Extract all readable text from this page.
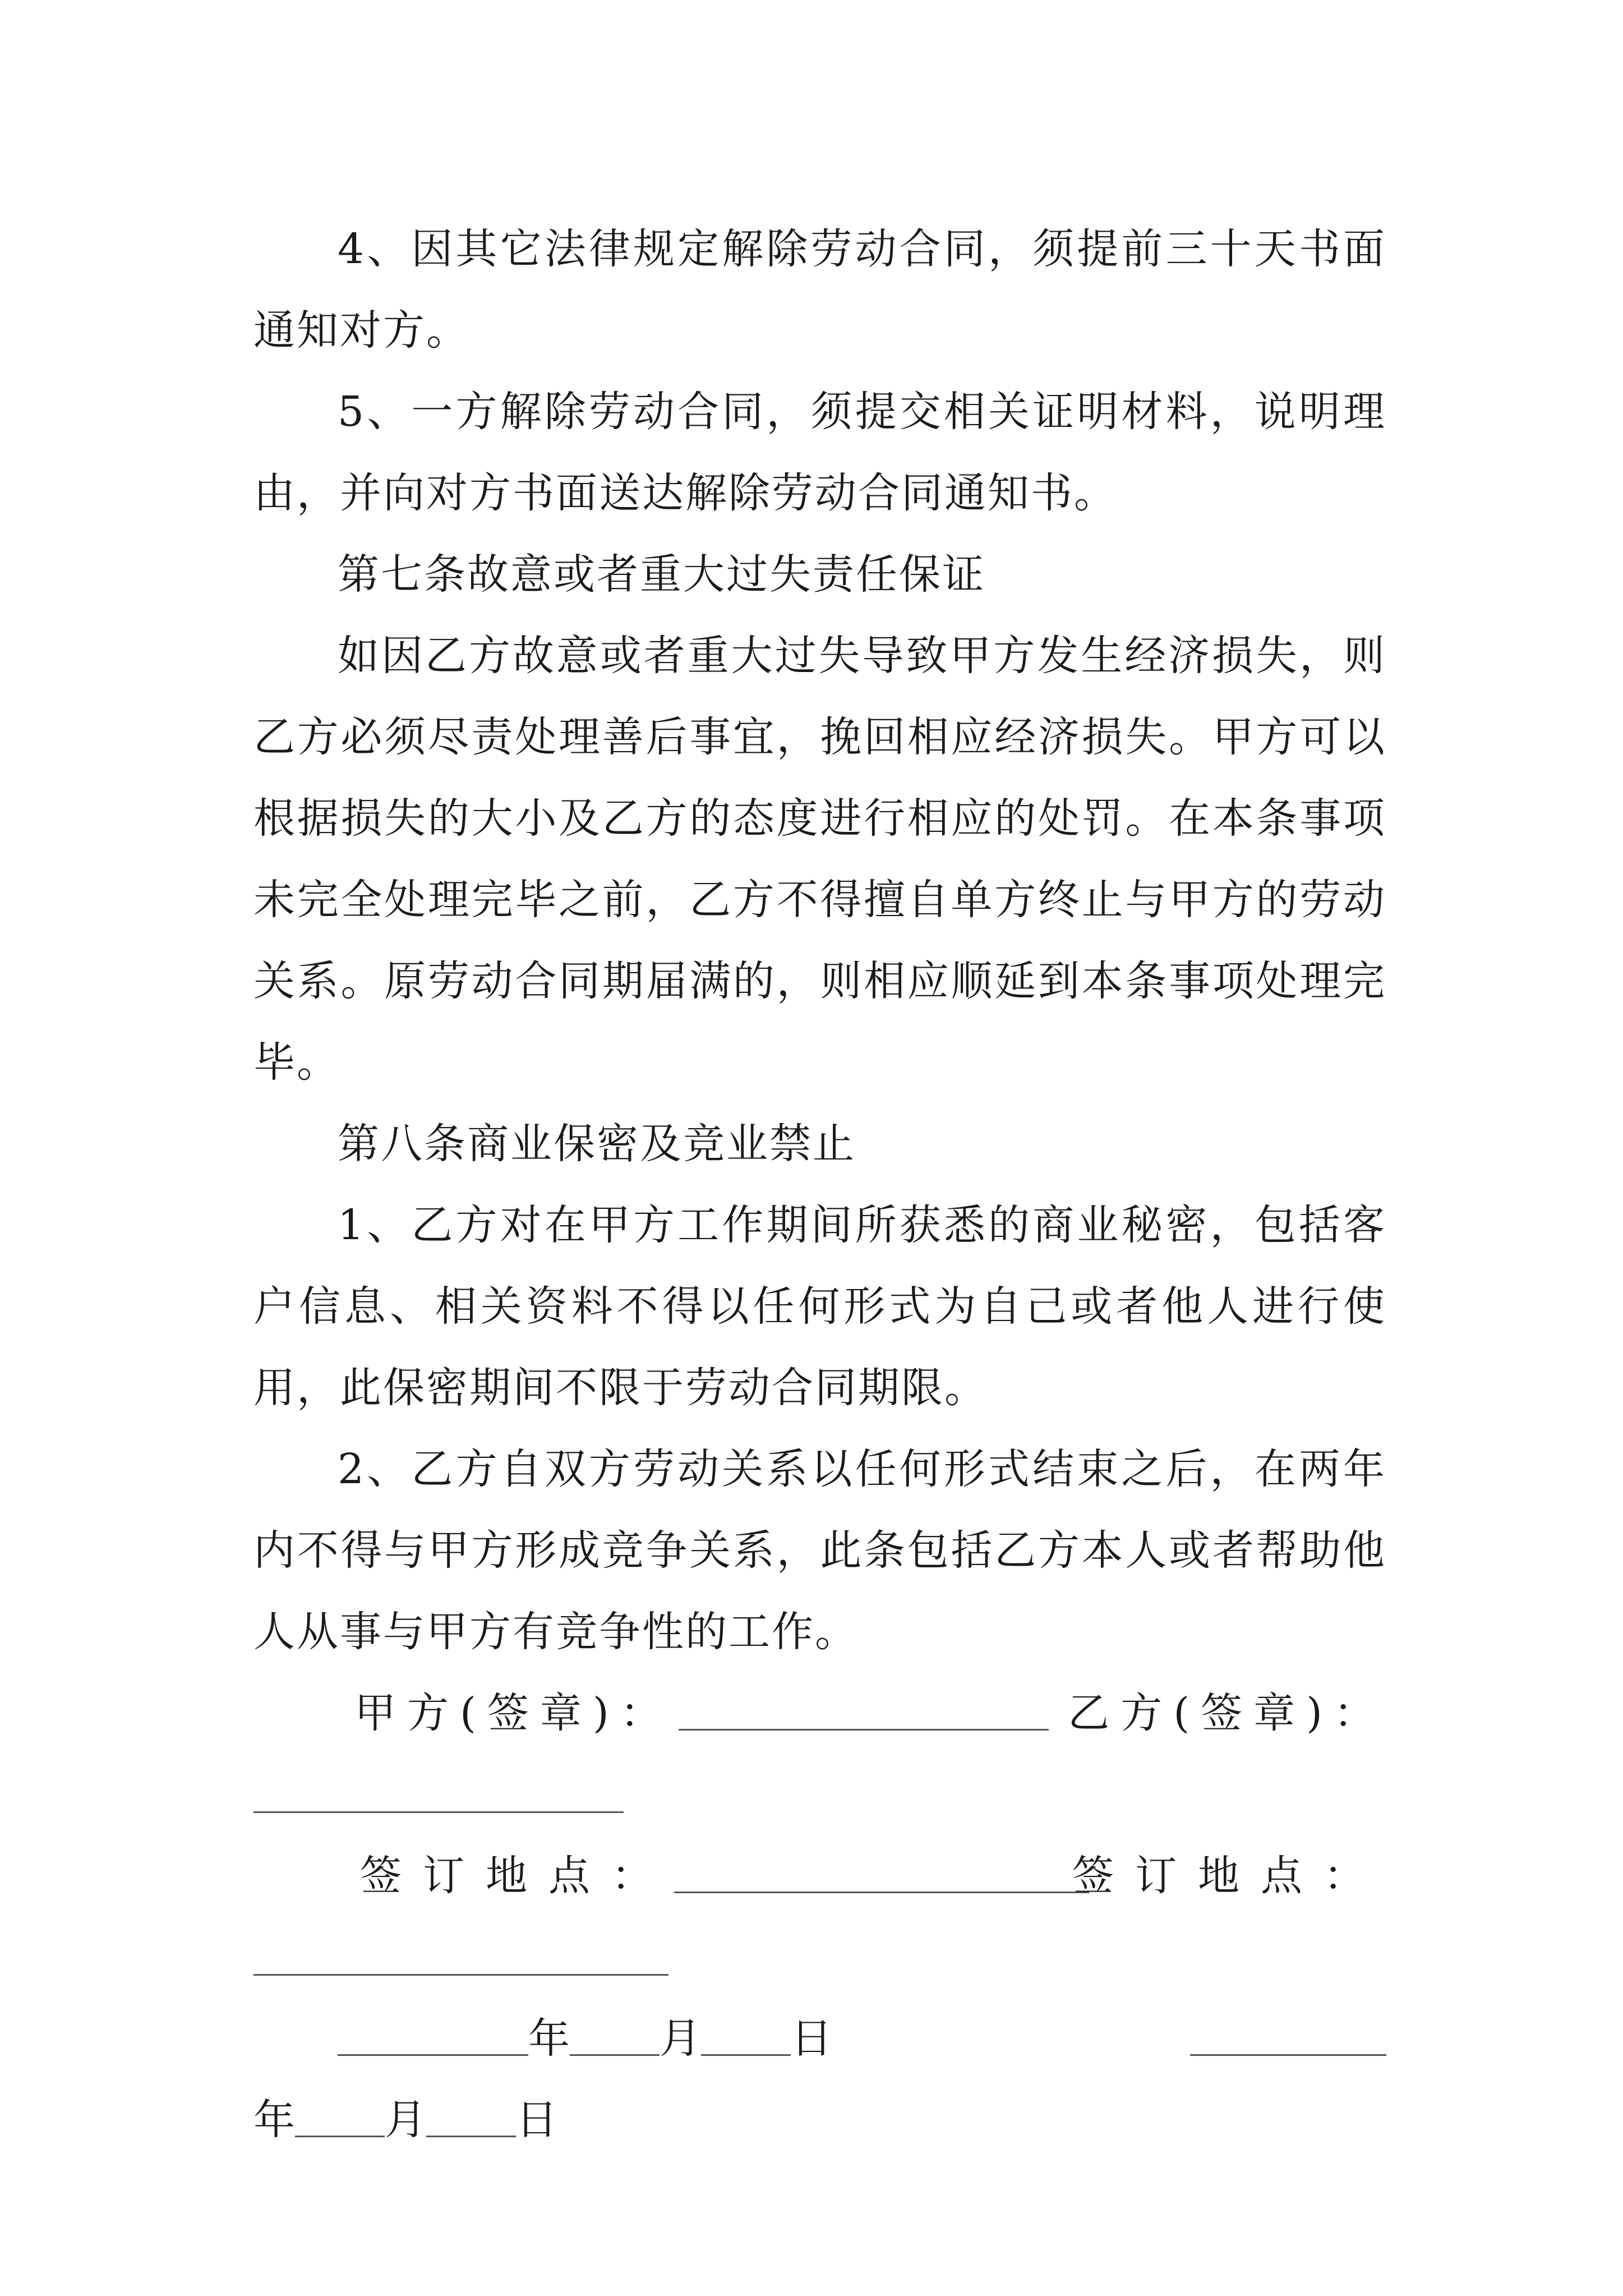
4、因其它法律规定解除劳动合同，须提前三十天书面通知对方。

5、一方解除劳动合同，须提交相关证明材料，说明理由，并向对方书面送达解除劳动合同通知书。

第七条故意或者重大过失责任保证

如因乙方故意或者重大过失导致甲方发生经济损失，则乙方必须尽责处理善后事宜，挽回相应经济损失。甲方可以根据损失的大小及乙方的态度进行相应的处罚。在本条事项未完全处理完毕之前，乙方不得擅自单方终止与甲方的劳动关系。原劳动合同期届满的，则相应顺延到本条事项处理完毕。

第八条商业保密及竞业禁止

1、乙方对在甲方工作期间所获悉的商业秘密，包括客户信息、相关资料不得以任何形式为自己或者他人进行使用，此保密期间不限于劳动合同期限。

2、乙方自双方劳动关系以任何形式结束之后，在两年内不得与甲方形成竞争关系，此条包括乙方本人或者帮助他人从事与甲方有竞争性的工作。

甲方(签章)：	乙方(签章)：
签订地点：	签订地点：
年 月 日
年 月 日
